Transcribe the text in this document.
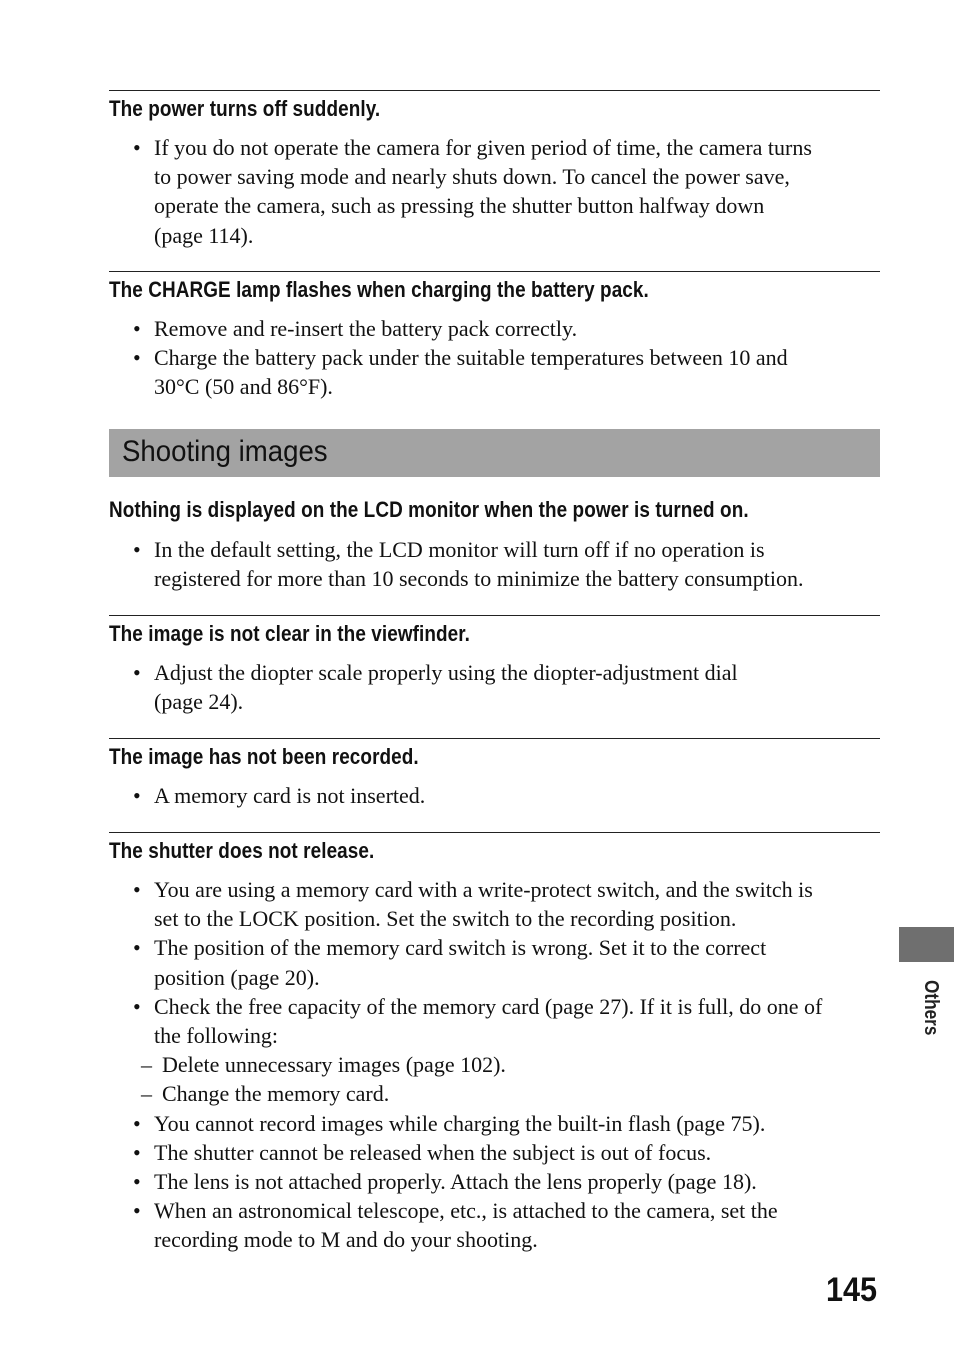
The power turns off suddenly.
• If you do not operate the camera for given period of time, the camera turns
to power saving mode and nearly shuts down. To cancel the power save,
operate the camera, such as pressing the shutter button halfway down
(page 114).
The CHARGE lamp flashes when charging the battery pack.
• Remove and re-insert the battery pack correctly.
• Charge the battery pack under the suitable temperatures between 10 and
30°C (50 and 86°F).
Shooting images
Nothing is displayed on the LCD monitor when the power is turned on.
• In the default setting, the LCD monitor will turn off if no operation is
registered for more than 10 seconds to minimize the battery consumption.
The image is not clear in the viewfinder.
• Adjust the diopter scale properly using the diopter-adjustment dial
(page 24).
The image has not been recorded.
• A memory card is not inserted.
The shutter does not release.
• You are using a memory card with a write-protect switch, and the switch is
set to the LOCK position. Set the switch to the recording position.
• The position of the memory card switch is wrong. Set it to the correct
position (page 20).
• Check the free capacity of the memory card (page 27). If it is full, do one of
the following:
– Delete unnecessary images (page 102).
– Change the memory card.
• You cannot record images while charging the built-in flash (page 75).
• The shutter cannot be released when the subject is out of focus.
• The lens is not attached properly. Attach the lens properly (page 18).
• When an astronomical telescope, etc., is attached to the camera, set the
recording mode to M and do your shooting.
Others
145
